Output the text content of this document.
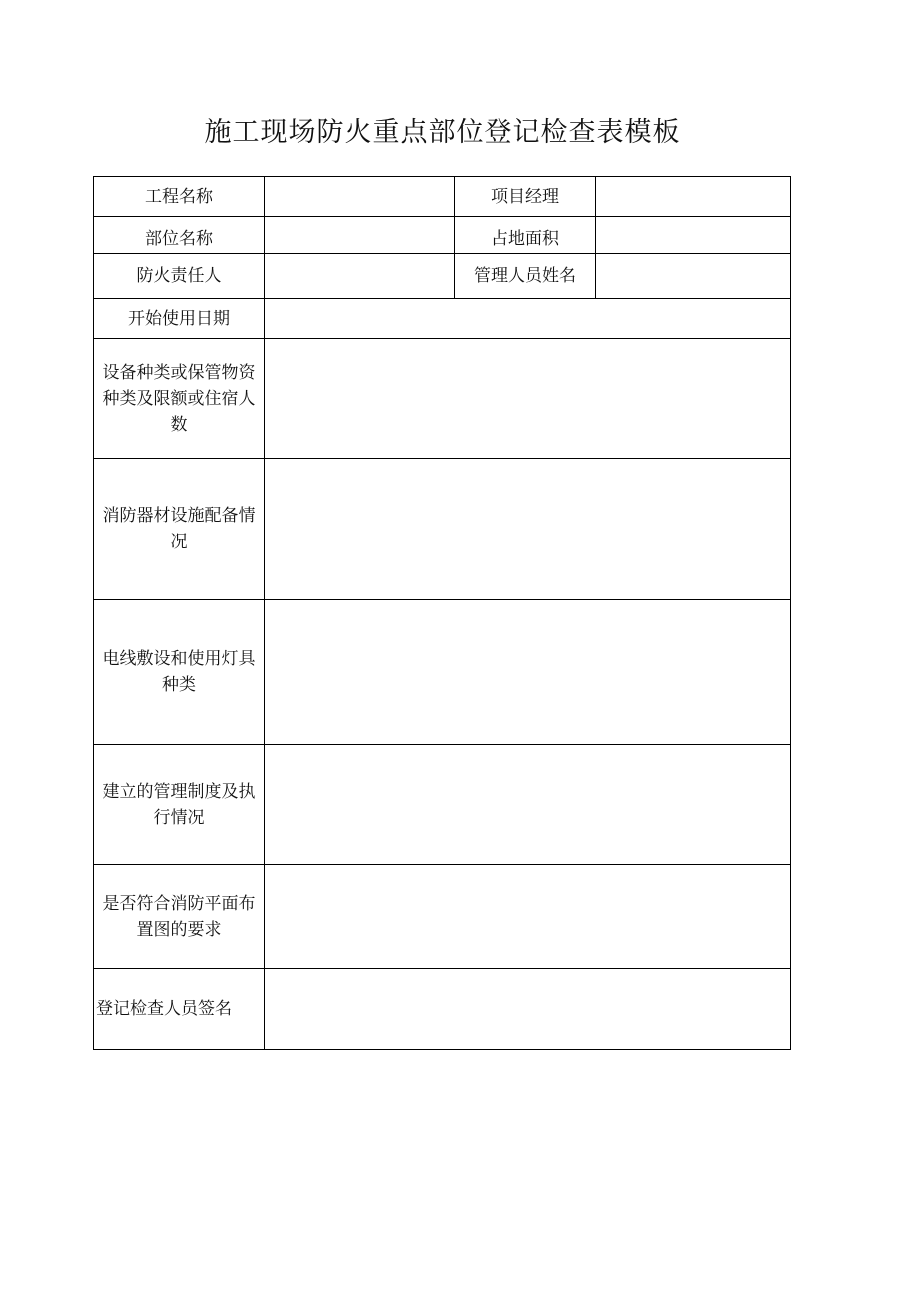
施工现场防火重点部位登记检查表模板
工程名称		项目经理	
部位名称		占地面积	
防火责任人		管理人员姓名	
开始使用日期			
设备种类或保管物资种类及限额或住宿人数			
消防器材设施配备情况			
电线敷设和使用灯具种类			
建立的管理制度及执行情况			
是否符合消防平面布置图的要求			
登记检查人员签名			
